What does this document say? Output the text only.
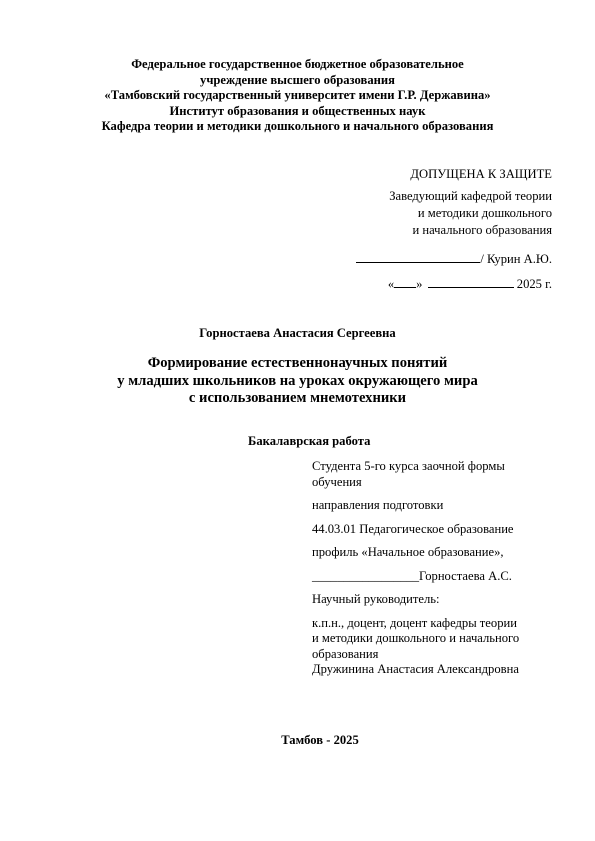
Федеральное государственное бюджетное образовательное
учреждение высшего образования
«Тамбовский государственный университет имени Г.Р. Державина»
Институт образования и общественных наук
Кафедра теории и методики дошкольного и начального образования
ДОПУЩЕНА К ЗАЩИТЕ
Заведующий кафедрой теории
и методики дошкольного
и начального образования
/ Курин А.Ю.
« »	2025 г.
Горностаева Анастасия Сергеевна
Формирование естественнонаучных понятий
у младших школьников на уроках окружающего мира
с использованием мнемотехники
Бакалаврская работа
Студента 5-го курса заочной формы
обучения
направления подготовки
44.03.01 Педагогическое образование
профиль «Начальное образование»,
_________________Горностаева А.С.
Научный руководитель:
к.п.н., доцент, доцент кафедры теории
и методики дошкольного и начального
образования
Дружинина Анастасия Александровна
Тамбов - 2025
